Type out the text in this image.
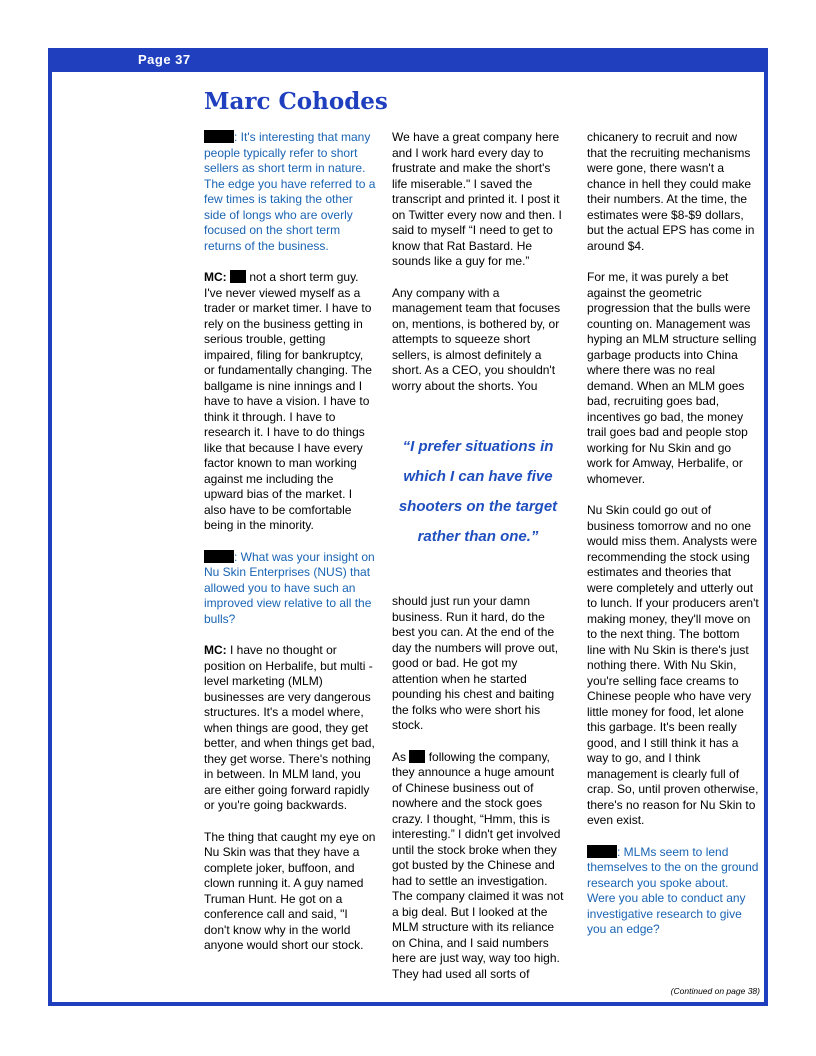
Page 37
Marc Cohodes

: It's interesting that many people typically refer to short sellers as short term in nature. The edge you have referred to a few times is taking the other side of longs who are overly focused on the short term returns of the business.

MC: not a short term guy. I've never viewed myself as a trader or market timer. I have to rely on the business getting in serious trouble, getting impaired, filing for bankruptcy, or fundamentally changing. The ballgame is nine innings and I have to have a vision. I have to think it through. I have to research it. I have to do things like that because I have every factor known to man working against me including the upward bias of the market. I also have to be comfortable being in the minority.

: What was your insight on Nu Skin Enterprises (NUS) that allowed you to have such an improved view relative to all the bulls?

MC: I have no thought or position on Herbalife, but multi -level marketing (MLM) businesses are very dangerous structures. It's a model where, when things are good, they get better, and when things get bad, they get worse. There's nothing in between. In MLM land, you are either going forward rapidly or you're going backwards.

The thing that caught my eye on Nu Skin was that they have a complete joker, buffoon, and clown running it. A guy named Truman Hunt. He got on a conference call and said, "I don't know why in the world anyone would short our stock.

We have a great company here and I work hard every day to frustrate and make the short's life miserable." I saved the transcript and printed it. I post it on Twitter every now and then. I said to myself “I need to get to know that Rat Bastard. He sounds like a guy for me.”

Any company with a management team that focuses on, mentions, is bothered by, or attempts to squeeze short sellers, is almost definitely a short. As a CEO, you shouldn't worry about the shorts. You

“I prefer situations in which I can have five shooters on the target rather than one.”

should just run your damn business. Run it hard, do the best you can. At the end of the day the numbers will prove out, good or bad. He got my attention when he started pounding his chest and baiting the folks who were short his stock.

As following the company, they announce a huge amount of Chinese business out of nowhere and the stock goes crazy. I thought, “Hmm, this is interesting.” I didn't get involved until the stock broke when they got busted by the Chinese and had to settle an investigation. The company claimed it was not a big deal. But I looked at the MLM structure with its reliance on China, and I said numbers here are just way, way too high. They had used all sorts of

chicanery to recruit and now that the recruiting mechanisms were gone, there wasn't a chance in hell they could make their numbers. At the time, the estimates were $8-$9 dollars, but the actual EPS has come in around $4.

For me, it was purely a bet against the geometric progression that the bulls were counting on. Management was hyping an MLM structure selling garbage products into China where there was no real demand. When an MLM goes bad, recruiting goes bad, incentives go bad, the money trail goes bad and people stop working for Nu Skin and go work for Amway, Herbalife, or whomever.

Nu Skin could go out of business tomorrow and no one would miss them. Analysts were recommending the stock using estimates and theories that were completely and utterly out to lunch. If your producers aren't making money, they'll move on to the next thing. The bottom line with Nu Skin is there's just nothing there. With Nu Skin, you're selling face creams to Chinese people who have very little money for food, let alone this garbage. It's been really good, and I still think it has a way to go, and I think management is clearly full of crap. So, until proven otherwise, there's no reason for Nu Skin to even exist.

: MLMs seem to lend themselves to the on the ground research you spoke about. Were you able to conduct any investigative research to give you an edge?

(Continued on page 38)
